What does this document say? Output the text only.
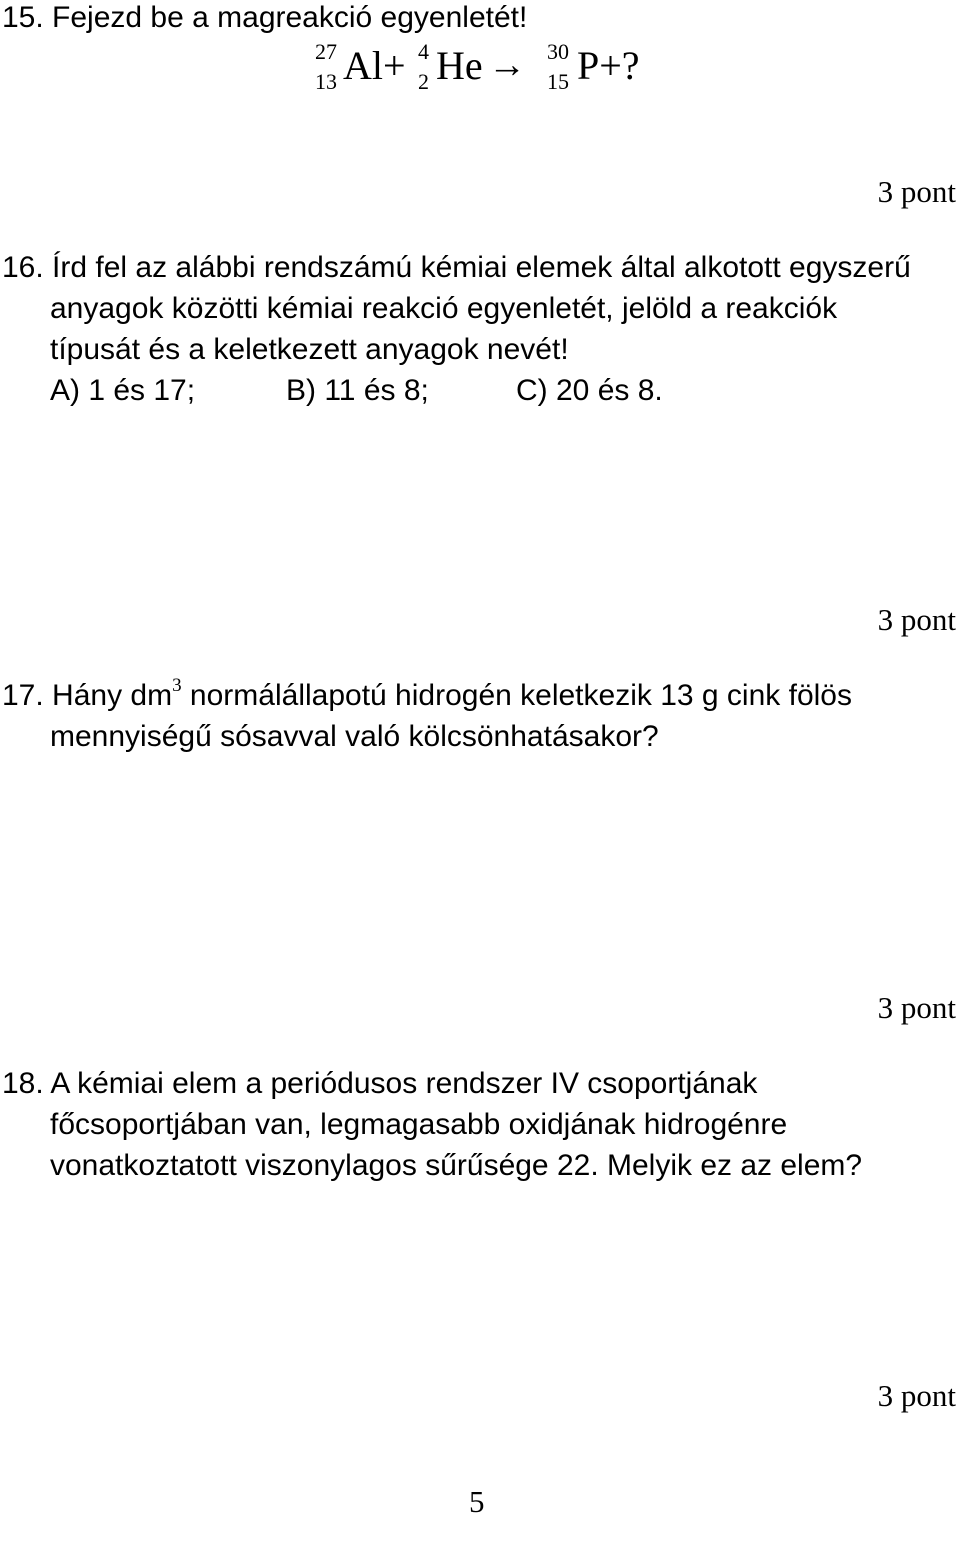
15. Fejezd be a magreakció egyenletét!
27
13 Al+ 4
2 He → 30
15 P+?
3 pont
16. Írd fel az alábbi rendszámú kémiai elemek által alkotott egyszerű
anyagok közötti kémiai reakció egyenletét, jelöld a reakciók
típusát és a keletkezett anyagok nevét!
A) 1 és 17;	B) 11 és 8;	C) 20 és 8.
3 pont
17. Hány $dm^3$ normálállapotú hidrogén keletkezik 13 g cink fölös
mennyiségű sósavval való kölcsönhatásakor?
3 pont
18. A kémiai elem a periódusos rendszer IV csoportjának
főcsoportjában van, legmagasabb oxidjának hidrogénre
vonatkoztatott viszonylagos sűrűsége 22. Melyik ez az elem?
3 pont
5
